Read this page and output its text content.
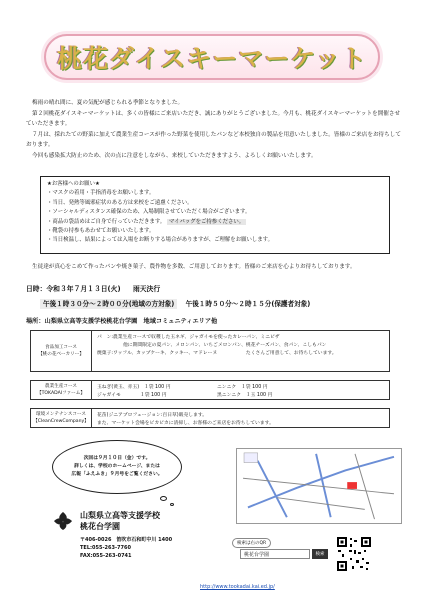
桃花ダイスキーマーケット

梅雨の晴れ間に、夏の気配が感じられる季節となりました。

第２回桃花ダイスキーマーケットは、多くの皆様にご来店いただき、誠にありがとうございました。今月も、桃花ダイスキーマーケットを開催させていただきます。

７月は、採れたての野菜に加えて農業生産コースが作った野菜を使用したパンなど本校独自の製品を用意いたしました。皆様のご来店をお待ちしております。

今回も感染拡大防止のため、次の点に注意をしながら、来校していただきますよう、よろしくお願いいたします。

★お客様へのお願い★
・マスクの着用・手指消毒をお願いします。
・当日、発熱等風邪症状のある方は来校をご遠慮ください。
・ソーシャルディスタンス確保のため、入場制限させていただく場合がございます。
・商品の袋詰めはご自身で行っていただきます。 マイバッグをご持参ください。
・靴袋の持参もあわせてお願いいたします。
・当日検温し、結果によっては入場をお断りする場合がありますが、ご理解をお願いします。
生徒達が真心をこめて作ったパンや焼き菓子、農作物を多数、ご用意しております。皆様のご来店を心よりお待ちしております。
日時：令和３年７月１３日(火) 雨天決行
午後１時３０分～２時００分(地域の方対象) 午後１時５０分～２時１５分(保護者対象)
場所：山梨県立高等支援学校桃花台学園　地域コミュニティエリア他
食品加工コース
【桃の花ベーカリー】
パ　ン:農業生産コースで収穫した玉ネギ、ジャガイモを使ったカレーパン、ミニピザ
他に期間限定の夏パン、メロンパン、いちごメロンパン、桃花チーズパン、食パン、こしもパン
焼菓子:ワッフル、カップケーキ、クッキー、マドレーヌ　　　　　　たくさんご用意して、お待ちしています。
農業生産コース
【TOKADAIファーム】
玉ねぎ(黄玉、赤玉)　１袋 100 円	ニンニク　１袋 100 円
ジャガイモ　　　　１袋 100 円	黒ニンニク　１玉 100 円
環境メンテナンスコース
【CleanCrewCompany】
花苗(ジニアプロフュージョン:百日草)販売します。
また、マーケット会場をピカピカに清掃し、お客様のご来店をお待ちしています。
次回は９月１０日（金）です。
詳しくは、学校のホームページ、または
広報「ふえふき」９月号をご覧ください。
山梨県立高等支援学校
桃花台学園
〒406-0026　笛吹市石和町中川 1400
TEL:055-263-7760
FAX:055-263-0741
検索は右のQR
桃花台学園	検索
http://www.tookadai.kai.ed.jp/
